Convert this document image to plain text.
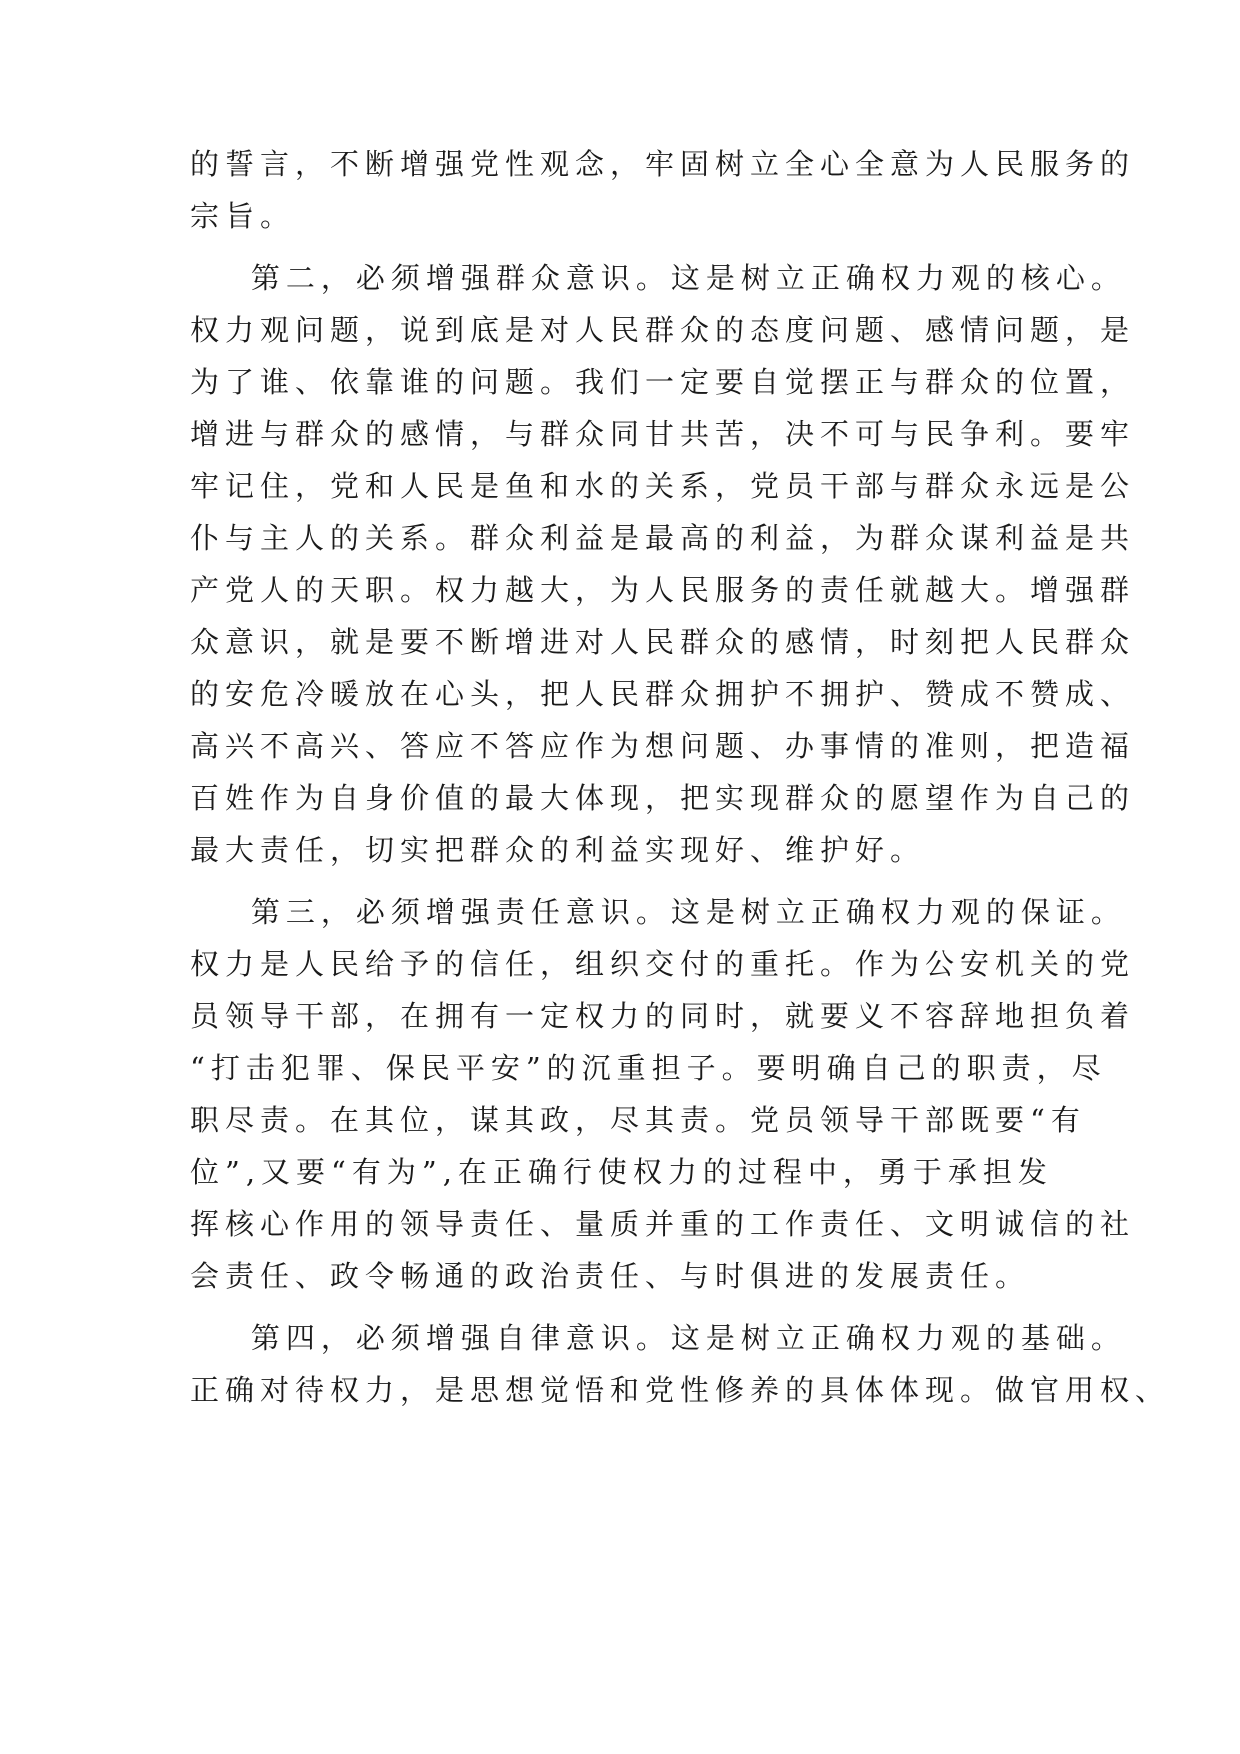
的誓言，不断增强党性观念，牢固树立全心全意为人民服务的
宗旨。
第二，必须增强群众意识。这是树立正确权力观的核心。
权力观问题，说到底是对人民群众的态度问题、感情问题，是
为了谁、依靠谁的问题。我们一定要自觉摆正与群众的位置，
增进与群众的感情，与群众同甘共苦，决不可与民争利。要牢
牢记住，党和人民是鱼和水的关系，党员干部与群众永远是公
仆与主人的关系。群众利益是最高的利益，为群众谋利益是共
产党人的天职。权力越大，为人民服务的责任就越大。增强群
众意识，就是要不断增进对人民群众的感情，时刻把人民群众
的安危冷暖放在心头，把人民群众拥护不拥护、赞成不赞成、
高兴不高兴、答应不答应作为想问题、办事情的准则，把造福
百姓作为自身价值的最大体现，把实现群众的愿望作为自己的
最大责任，切实把群众的利益实现好、维护好。
第三，必须增强责任意识。这是树立正确权力观的保证。
权力是人民给予的信任，组织交付的重托。作为公安机关的党
员领导干部，在拥有一定权力的同时，就要义不容辞地担负着
“打击犯罪、保民平安”的沉重担子。要明确自己的职责，尽
职尽责。在其位，谋其政，尽其责。党员领导干部既要“有
位”,又要“有为”,在正确行使权力的过程中，勇于承担发
挥核心作用的领导责任、量质并重的工作责任、文明诚信的社
会责任、政令畅通的政治责任、与时俱进的发展责任。
第四，必须增强自律意识。这是树立正确权力观的基础。
正确对待权力，是思想觉悟和党性修养的具体体现。做官用权、
